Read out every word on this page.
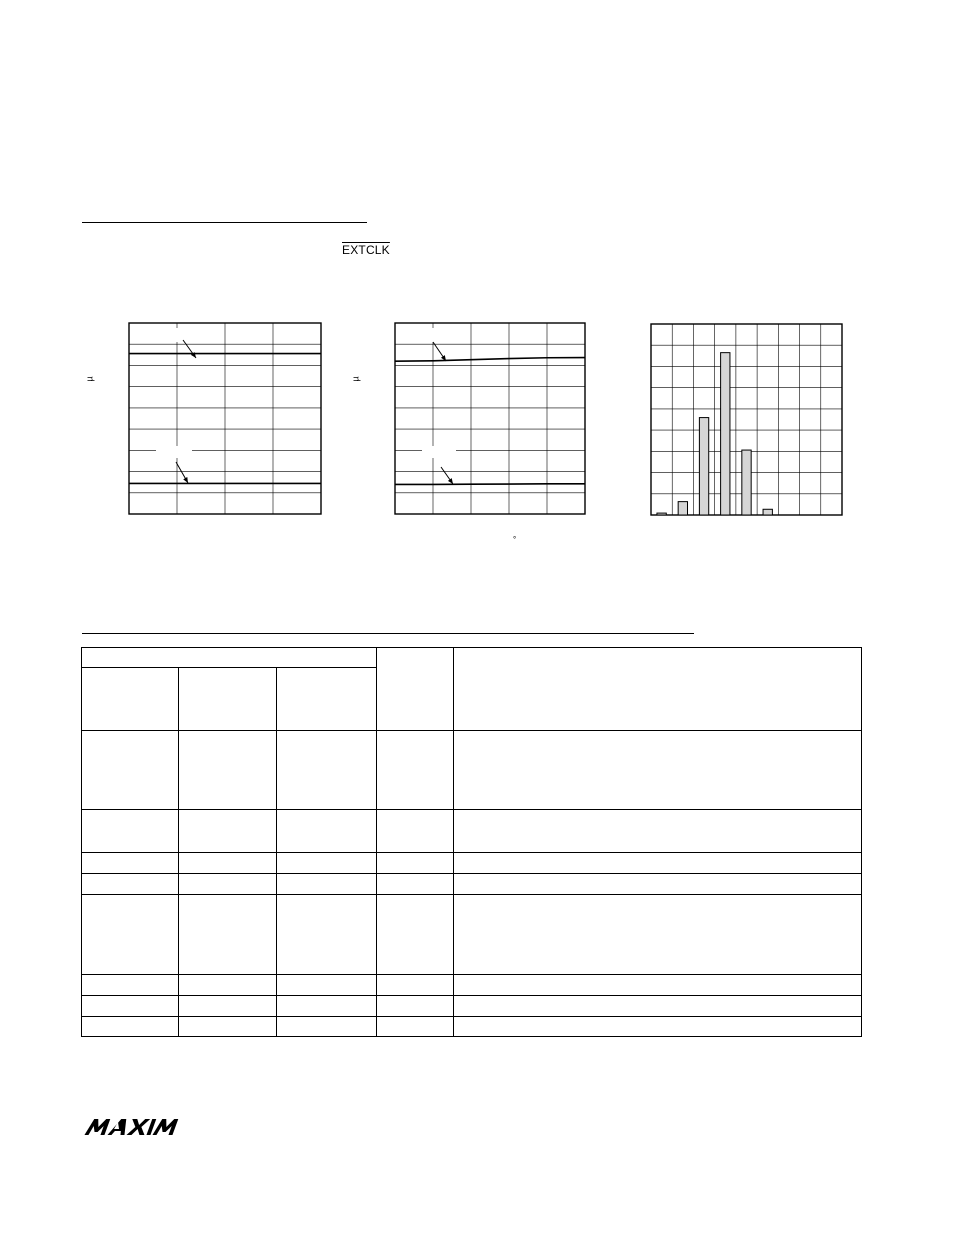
EXTCLK
µ	µ
°
